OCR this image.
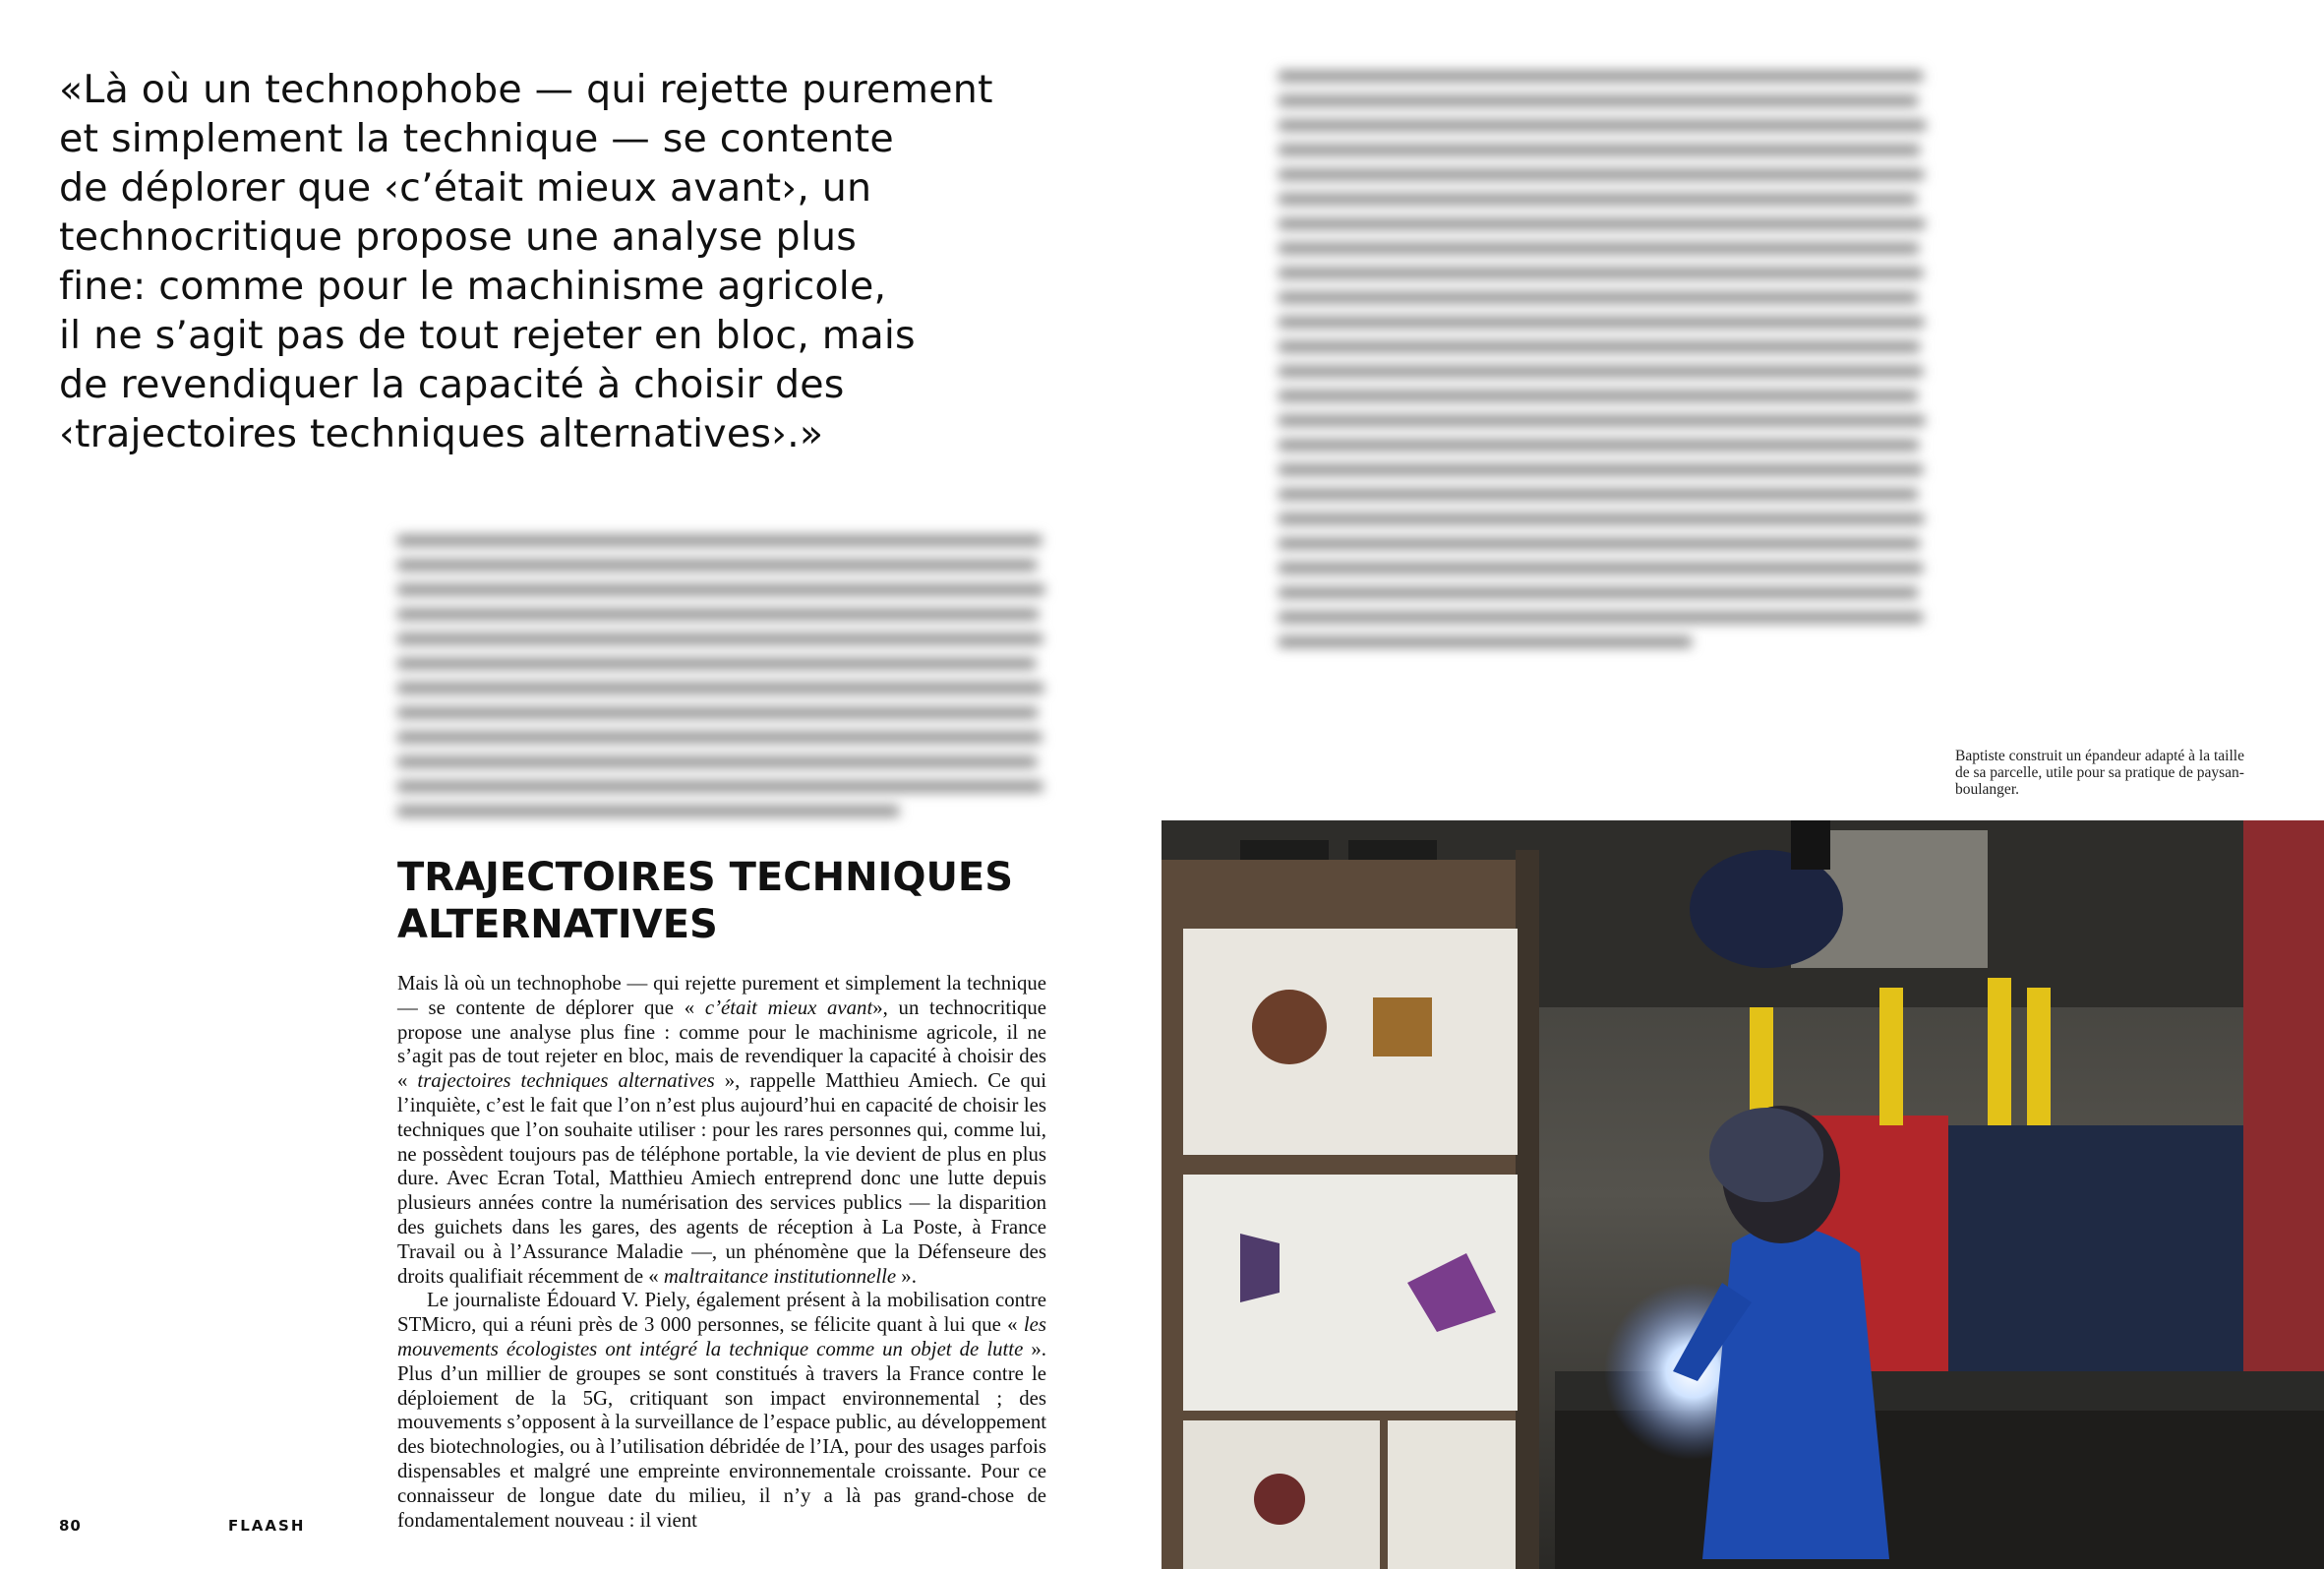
«Là où un technophobe — qui rejette purement
et simplement la technique — se contente
de déplorer que ‹c’était mieux avant›, un
technocritique propose une analyse plus
fine: comme pour le machinisme agricole,
il ne s’agit pas de tout rejeter en bloc, mais
de revendiquer la capacité à choisir des
‹trajectoires techniques alternatives›.»
TRAJECTOIRES TECHNIQUES
ALTERNATIVES

Mais là où un technophobe — qui rejette purement et simplement la technique — se contente de déplorer que « c’était mieux avant», un technocritique propose une analyse plus fine : comme pour le machinisme agricole, il ne s’agit pas de tout rejeter en bloc, mais de revendiquer la capacité à choisir des « trajectoires techniques alternatives », rappelle Matthieu Amiech. Ce qui l’inquiète, c’est le fait que l’on n’est plus aujourd’hui en capacité de choisir les techniques que l’on souhaite utiliser : pour les rares personnes qui, comme lui, ne possèdent toujours pas de téléphone portable, la vie devient de plus en plus dure. Avec Ecran Total, Matthieu Amiech entreprend donc une lutte depuis plusieurs années contre la numérisation des services publics — la disparition des guichets dans les gares, des agents de réception à La Poste, à France Travail ou à l’Assurance Maladie —, un phénomène que la Défenseure des droits qualifiait récemment de « maltraitance institutionnelle ».

Le journaliste Édouard V. Piely, également présent à la mobilisation contre STMicro, qui a réuni près de 3 000 personnes, se félicite quant à lui que « les mouvements écologistes ont intégré la technique comme un objet de lutte ». Plus d’un millier de groupes se sont constitués à travers la France contre le déploiement de la 5G, critiquant son impact environnemental ; des mouvements s’opposent à la surveillance de l’espace public, au développement des biotechnologies, ou à l’utilisation débridée de l’IA, pour des usages parfois dispensables et malgré une empreinte environnementale croissante. Pour ce connaisseur de longue date du milieu, il n’y a là pas grand-chose de fondamentalement nouveau : il vient

Baptiste construit un épandeur adapté à la taille de sa parcelle, utile pour sa pratique de paysan-boulanger.
80	FLAASH
